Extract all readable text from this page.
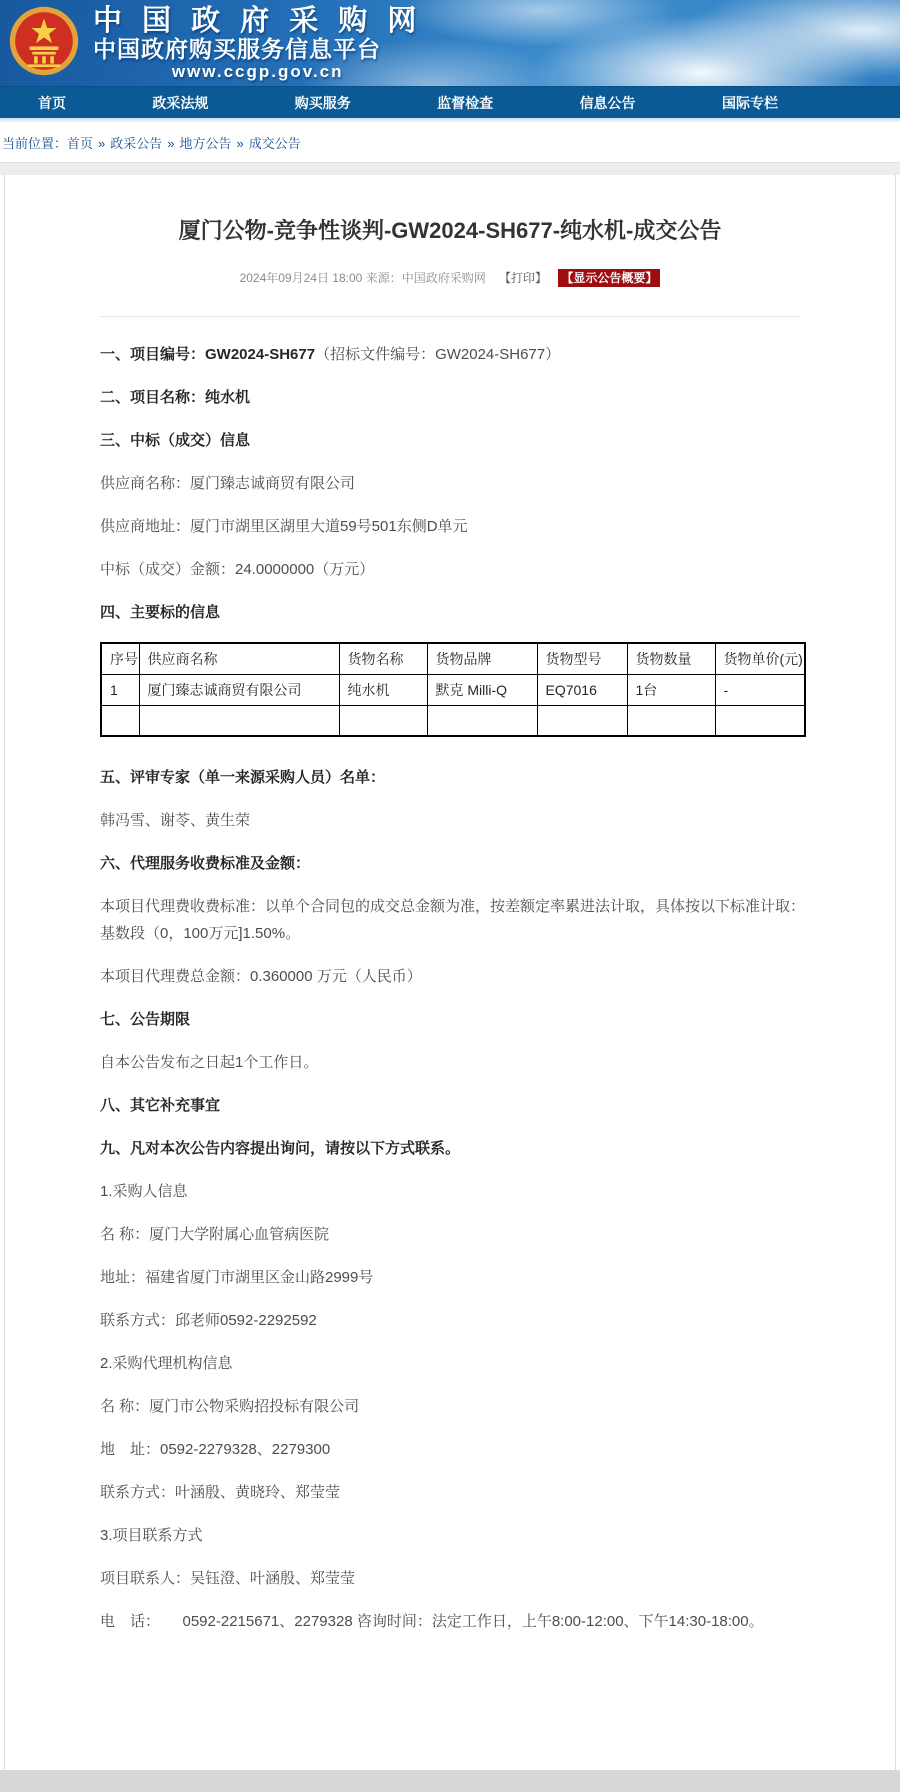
中 国 政 府 采 购 网
中国政府购买服务信息平台
www.ccgp.gov.cn
首页	政采法规	购买服务	监督检查	信息公告	国际专栏
当前位置：首页 » 政采公告 » 地方公告 » 成交公告
厦门公物-竞争性谈判-GW2024-SH677-纯水机-成交公告
2024年09月24日 18:00 来源：中国政府采购网 【打印】 【显示公告概要】

一、项目编号：GW2024-SH677（招标文件编号：GW2024-SH677）

二、项目名称：纯水机

三、中标（成交）信息

供应商名称：厦门臻志诚商贸有限公司

供应商地址：厦门市湖里区湖里大道59号501东侧D单元

中标（成交）金额：24.0000000（万元）

四、主要标的信息

序号	供应商名称	货物名称	货物品牌	货物型号	货物数量	货物单价(元)
1	厦门臻志诚商贸有限公司	纯水机	默克 Milli-Q	EQ7016	1台	-

五、评审专家（单一来源采购人员）名单：

韩冯雪、谢苓、黄生荣

六、代理服务收费标准及金额：

本项目代理费收费标准：以单个合同包的成交总金额为准，按差额定率累进法计取，具体按以下标准计取：基数段（0，100万元]1.50%。

本项目代理费总金额：0.360000 万元（人民币）

七、公告期限

自本公告发布之日起1个工作日。

八、其它补充事宜

九、凡对本次公告内容提出询问，请按以下方式联系。

1.采购人信息

名 称：厦门大学附属心血管病医院

地址：福建省厦门市湖里区金山路2999号

联系方式：邱老师0592-2292592

2.采购代理机构信息

名 称：厦门市公物采购招投标有限公司

地　址：0592-2279328、2279300

联系方式：叶涵殷、黄晓玲、郑莹莹

3.项目联系方式

项目联系人：吴钰澄、叶涵殷、郑莹莹

电　话：　　0592-2215671、2279328 咨询时间：法定工作日，上午8:00-12:00、下午14:30-18:00。
